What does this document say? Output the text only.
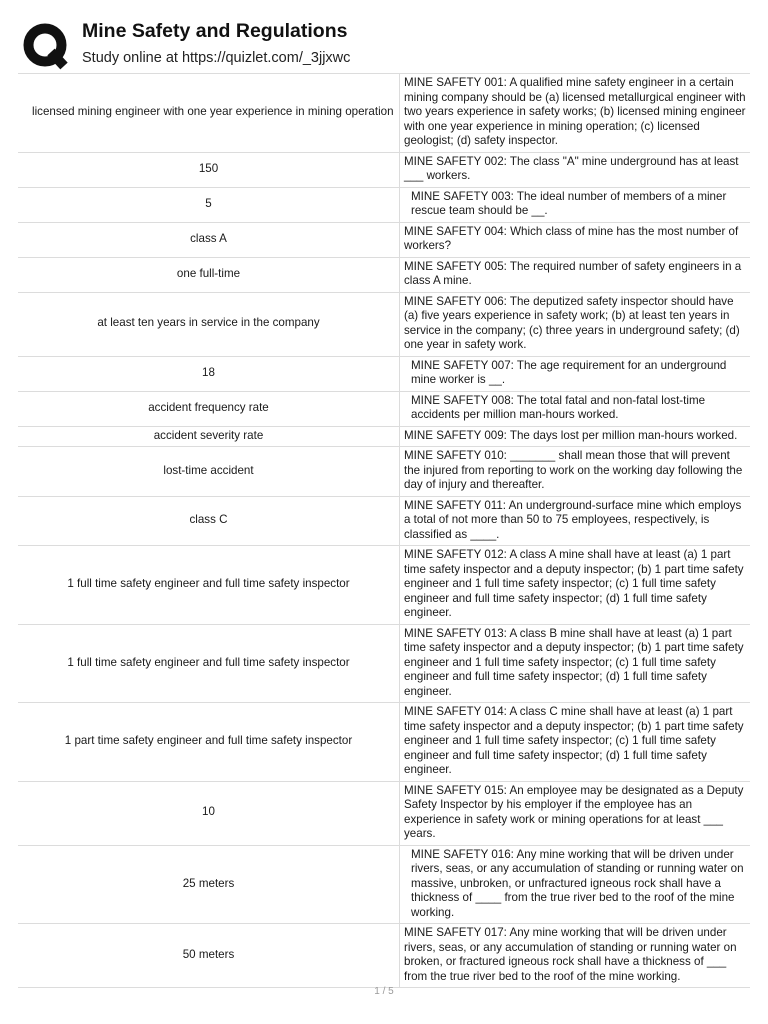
Mine Safety and Regulations
Study online at https://quizlet.com/_3jjxwc
licensed mining engineer with one year experience in mining operation	MINE SAFETY 001: A qualified mine safety engineer in a certain mining company should be (a) licensed metallurgical engineer with two years experience in safety works; (b) licensed mining engineer with one year experience in mining operation; (c) licensed geologist; (d) safety inspector.
150	MINE SAFETY 002: The class "A" mine underground has at least ___ workers.
5	MINE SAFETY 003: The ideal number of members of a miner rescue team should be __.
class A	MINE SAFETY 004: Which class of mine has the most number of workers?
one full-time	MINE SAFETY 005: The required number of safety engineers in a class A mine.
at least ten years in service in the company	MINE SAFETY 006: The deputized safety inspector should have (a) five years experience in safety work; (b) at least ten years in service in the company; (c) three years in underground safety; (d) one year in safety work.
18	MINE SAFETY 007: The age requirement for an underground mine worker is __.
accident frequency rate	MINE SAFETY 008: The total fatal and non-fatal lost-time accidents per million man-hours worked.
accident severity rate	MINE SAFETY 009: The days lost per million man-hours worked.
lost-time accident	MINE SAFETY 010: _______ shall mean those that will prevent the injured from reporting to work on the working day following the day of injury and thereafter.
class C	MINE SAFETY 011: An underground-surface mine which employs a total of not more than 50 to 75 employees, respectively, is classified as ____.
1 full time safety engineer and full time safety inspector	MINE SAFETY 012: A class A mine shall have at least (a) 1 part time safety inspector and a deputy inspector; (b) 1 part time safety engineer and 1 full time safety inspector; (c) 1 full time safety engineer and full time safety inspector; (d) 1 full time safety engineer.
1 full time safety engineer and full time safety inspector	MINE SAFETY 013: A class B mine shall have at least (a) 1 part time safety inspector and a deputy inspector; (b) 1 part time safety engineer and 1 full time safety inspector; (c) 1 full time safety engineer and full time safety inspector; (d) 1 full time safety engineer.
1 part time safety engineer and full time safety inspector	MINE SAFETY 014: A class C mine shall have at least (a) 1 part time safety inspector and a deputy inspector; (b) 1 part time safety engineer and 1 full time safety inspector; (c) 1 full time safety engineer and full time safety inspector; (d) 1 full time safety engineer.
10	MINE SAFETY 015: An employee may be designated as a Deputy Safety Inspector by his employer if the employee has an experience in safety work or mining operations for at least ___ years.
25 meters	MINE SAFETY 016: Any mine working that will be driven under rivers, seas, or any accumulation of standing or running water on massive, unbroken, or unfractured igneous rock shall have a thickness of ____ from the true river bed to the roof of the mine working.
50 meters	MINE SAFETY 017: Any mine working that will be driven under rivers, seas, or any accumulation of standing or running water on broken, or fractured igneous rock shall have a thickness of ___ from the true river bed to the roof of the mine working.
1 / 5
